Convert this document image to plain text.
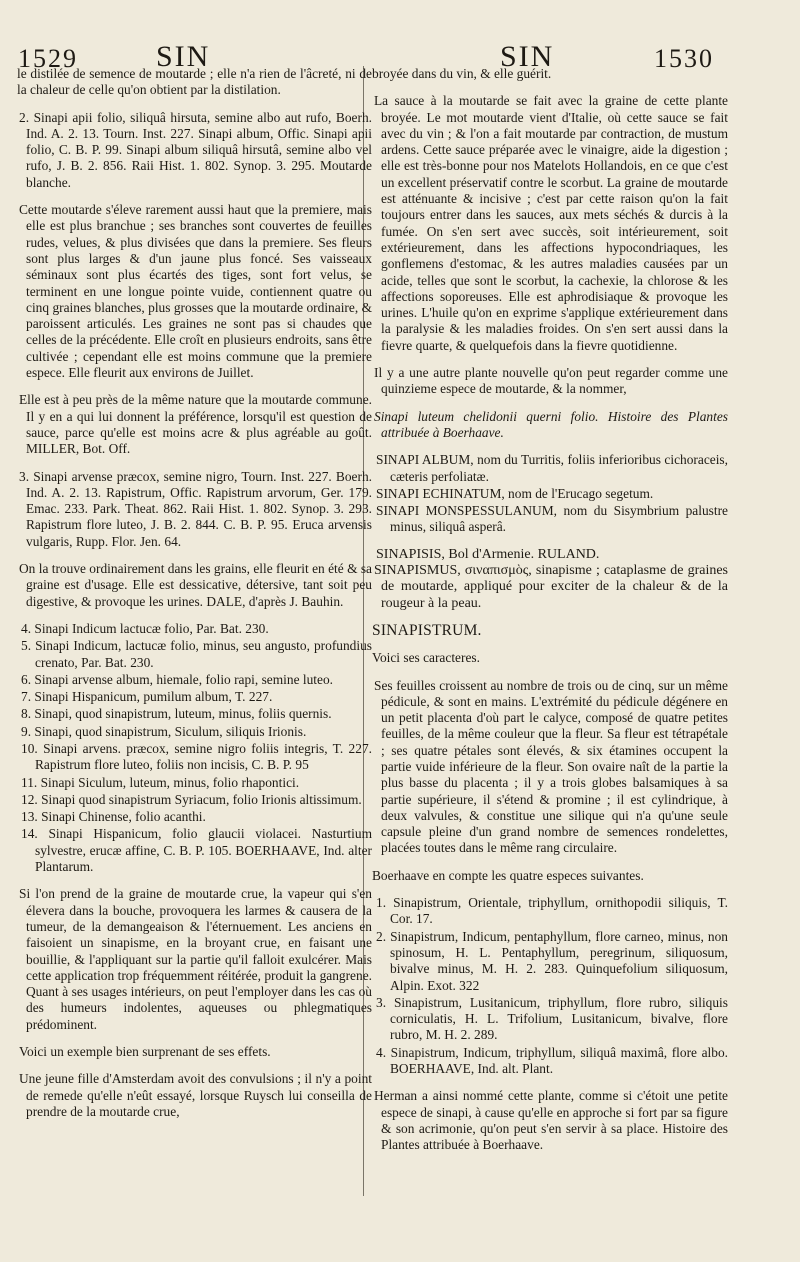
1529	SIN	SIN	1530

le distilée de semence de moutarde ; elle n'a rien de l'âcreté, ni de la chaleur de celle qu'on obtient par la distilation.

2. Sinapi apii folio, siliquâ hirsuta, semine albo aut rufo, Boerh. Ind. A. 2. 13. Tourn. Inst. 227. Sinapi album, Offic. Sinapi apii folio, C. B. P. 99. Sinapi album siliquâ hirsutâ, semine albo vel rufo, J. B. 2. 856. Raii Hist. 1. 802. Synop. 3. 295. Moutarde blanche.

Cette moutarde s'éleve rarement aussi haut que la premiere, mais elle est plus branchue ; ses branches sont couvertes de feuilles rudes, velues, & plus divisées que dans la premiere. Ses fleurs sont plus larges & d'un jaune plus foncé. Ses vaisseaux séminaux sont plus écartés des tiges, sont fort velus, se terminent en une longue pointe vuide, contiennent quatre ou cinq graines blanches, plus grosses que la moutarde ordinaire, & paroissent articulés. Les graines ne sont pas si chaudes que celles de la précédente. Elle croît en plusieurs endroits, sans être cultivée ; cependant elle est moins commune que la premiere espece. Elle fleurit aux environs de Juillet.

Elle est à peu près de la même nature que la moutarde commune. Il y en a qui lui donnent la préférence, lorsqu'il est question de sauce, parce qu'elle est moins acre & plus agréable au goût. MILLER, Bot. Off.

3. Sinapi arvense præcox, semine nigro, Tourn. Inst. 227. Boerh. Ind. A. 2. 13. Rapistrum, Offic. Rapistrum arvorum, Ger. 179. Emac. 233. Park. Theat. 862. Raii Hist. 1. 802. Synop. 3. 293. Rapistrum flore luteo, J. B. 2. 844. C. B. P. 95. Eruca arvensis vulgaris, Rupp. Flor. Jen. 64.

On la trouve ordinairement dans les grains, elle fleurit en été & sa graine est d'usage. Elle est dessicative, détersive, tant soit peu digestive, & provoque les urines. DALE, d'après J. Bauhin.

4. Sinapi Indicum lactucæ folio, Par. Bat. 230.

5. Sinapi Indicum, lactucæ folio, minus, seu angusto, profundius crenato, Par. Bat. 230.

6. Sinapi arvense album, hiemale, folio rapi, semine luteo.

7. Sinapi Hispanicum, pumilum album, T. 227.

8. Sinapi, quod sinapistrum, luteum, minus, foliis quernis.

9. Sinapi, quod sinapistrum, Siculum, siliquis Irionis.

10. Sinapi arvens. præcox, semine nigro foliis integris, T. 227. Rapistrum flore luteo, foliis non incisis, C. B. P. 95

11. Sinapi Siculum, luteum, minus, folio rhapontici.

12. Sinapi quod sinapistrum Syriacum, folio Irionis altissimum.

13. Sinapi Chinense, folio acanthi.

14. Sinapi Hispanicum, folio glaucii violacei. Nasturtium sylvestre, erucæ affine, C. B. P. 105. BOERHAAVE, Ind. alter Plantarum.

Si l'on prend de la graine de moutarde crue, la vapeur qui s'en élevera dans la bouche, provoquera les larmes & causera de la tumeur, de la demangeaison & l'éternuement. Les anciens en faisoient un sinapisme, en la broyant crue, en faisant une bouillie, & l'appliquant sur la partie qu'il falloit exulcérer. Mais cette application trop fréquemment réitérée, produit la gangrene. Quant à ses usages intérieurs, on peut l'employer dans les cas où des humeurs indolentes, aqueuses ou phlegmatiques prédominent.

Voici un exemple bien surprenant de ses effets.

Une jeune fille d'Amsterdam avoit des convulsions ; il n'y a point de remede qu'elle n'eût essayé, lorsque Ruysch lui conseilla de prendre de la moutarde crue,

broyée dans du vin, & elle guérit.

La sauce à la moutarde se fait avec la graine de cette plante broyée. Le mot moutarde vient d'Italie, où cette sauce se fait avec du vin ; & l'on a fait moutarde par contraction, de mustum ardens. Cette sauce préparée avec le vinaigre, aide la digestion ; elle est très-bonne pour nos Matelots Hollandois, en ce que c'est un excellent préservatif contre le scorbut. La graine de moutarde est atténuante & incisive ; c'est par cette raison qu'on la fait toujours entrer dans les sauces, aux mets séchés & durcis à la fumée. On s'en sert avec succès, soit intérieurement, soit extérieurement, dans les affections hypocondriaques, les gonflemens d'estomac, & les autres maladies causées par un acide, telles que sont le scorbut, la cachexie, la chlorose & les affections soporeuses. Elle est aphrodisiaque & provoque les urines. L'huile qu'on en exprime s'applique extérieurement dans la paralysie & les maladies froides. On s'en sert aussi dans la fievre quarte, & quelquefois dans la fievre quotidienne.

Il y a une autre plante nouvelle qu'on peut regarder comme une quinzieme espece de moutarde, & la nommer,

Sinapi luteum chelidonii querni folio. Histoire des Plantes attribuée à Boerhaave.

SINAPI ALBUM, nom du Turritis, foliis inferioribus cichoraceis, cæteris perfoliatæ.

SINAPI ECHINATUM, nom de l'Erucago segetum.

SINAPI MONSPESSULANUM, nom du Sisymbrium palustre minus, siliquâ asperâ.

SINAPISIS, Bol d'Armenie. RULAND.

SINAPISMUS, σιναπισμὸς, sinapisme ; cataplasme de graines de moutarde, appliqué pour exciter de la chaleur & de la rougeur à la peau.

SINAPISTRUM.

Voici ses caracteres.

Ses feuilles croissent au nombre de trois ou de cinq, sur un même pédicule, & sont en mains. L'extrémité du pédicule dégénere en un petit placenta d'où part le calyce, composé de quatre petites feuilles, de la même couleur que la fleur. Sa fleur est tétrapétale ; ses quatre pétales sont élevés, & six étamines occupent la partie vuide inférieure de la fleur. Son ovaire naît de la partie la plus basse du placenta ; il y a trois globes balsamiques à sa partie supérieure, il s'étend & promine ; il est cylindrique, à deux valvules, & constitue une silique qui n'a qu'une seule capsule pleine d'un grand nombre de semences rondelettes, placées toutes dans le même rang circulaire.

Boerhaave en compte les quatre especes suivantes.

1. Sinapistrum, Orientale, triphyllum, ornithopodii siliquis, T. Cor. 17.

2. Sinapistrum, Indicum, pentaphyllum, flore carneo, minus, non spinosum, H. L. Pentaphyllum, peregrinum, siliquosum, bivalve minus, M. H. 2. 283. Quinquefolium siliquosum, Alpin. Exot. 322

3. Sinapistrum, Lusitanicum, triphyllum, flore rubro, siliquis corniculatis, H. L. Trifolium, Lusitanicum, bivalve, flore rubro, M. H. 2. 289.

4. Sinapistrum, Indicum, triphyllum, siliquâ maximâ, flore albo. BOERHAAVE, Ind. alt. Plant.

Herman a ainsi nommé cette plante, comme si c'étoit une petite espece de sinapi, à cause qu'elle en approche si fort par sa figure & son acrimonie, qu'on peut s'en servir à sa place. Histoire des Plantes attribuée à Boerhaave.
